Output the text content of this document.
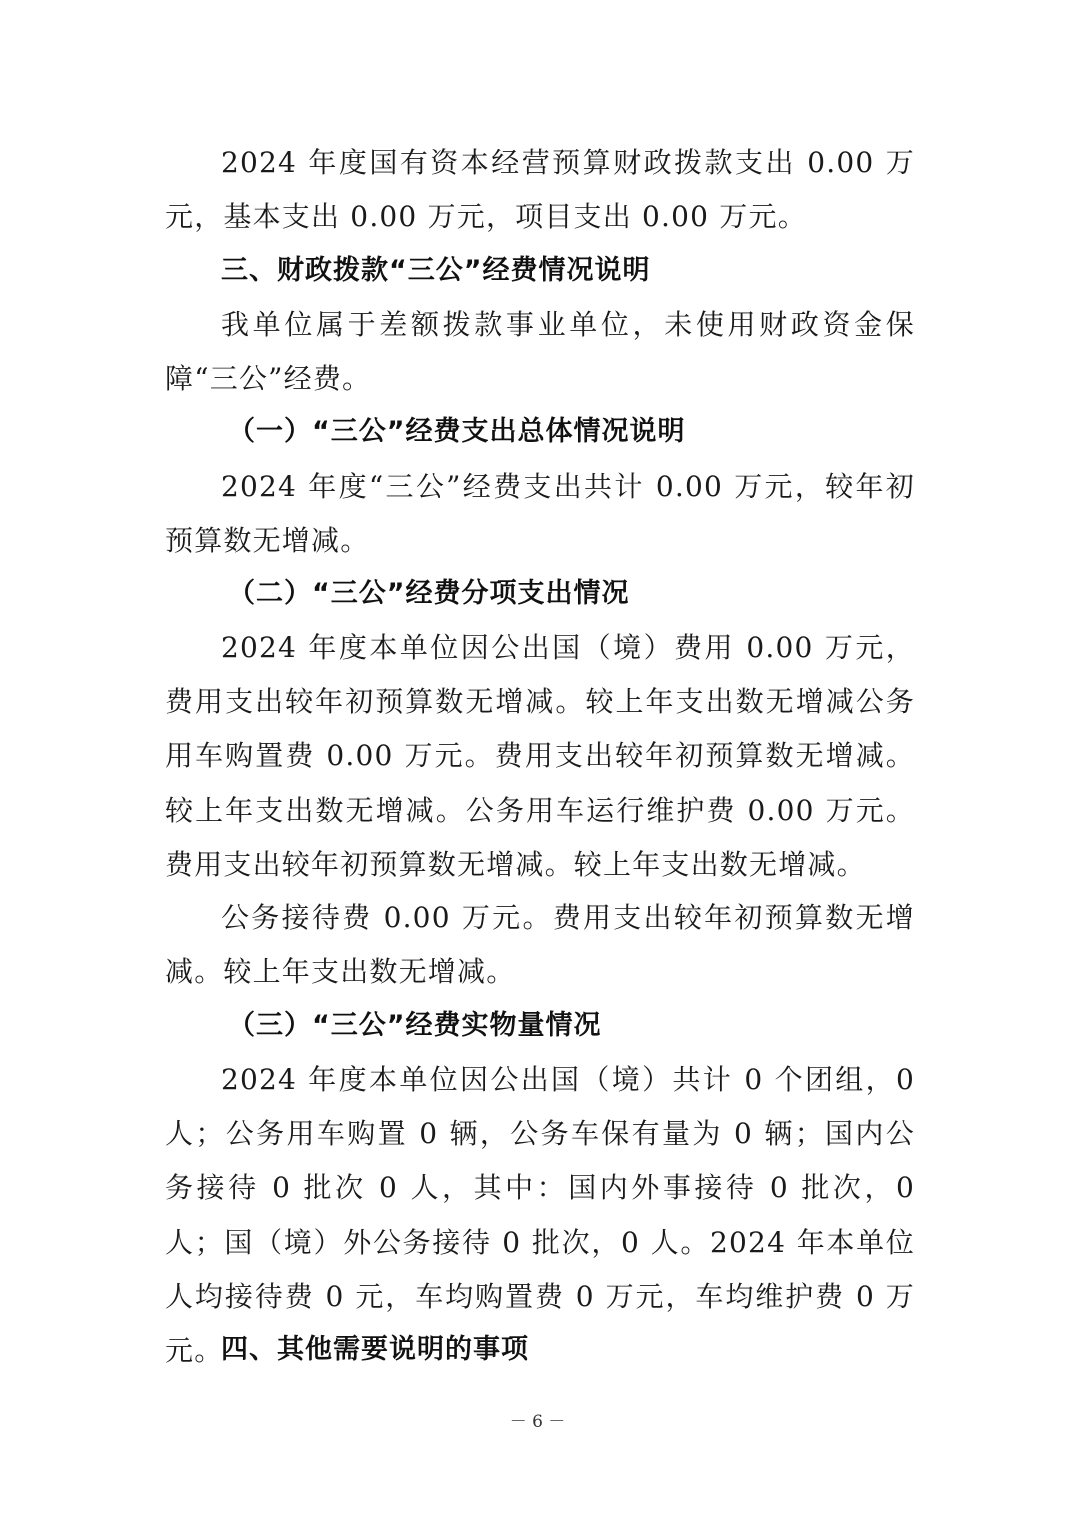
2024 年度国有资本经营预算财政拨款支出 0.00 万元，基本支出 0.00 万元，项目支出 0.00 万元。

三、财政拨款“三公”经费情况说明

我单位属于差额拨款事业单位，未使用财政资金保障“三公”经费。

（一）“三公”经费支出总体情况说明

2024 年度“三公”经费支出共计 0.00 万元，较年初预算数无增减。

（二）“三公”经费分项支出情况

2024 年度本单位因公出国（境）费用 0.00 万元，费用支出较年初预算数无增减。较上年支出数无增减公务用车购置费 0.00 万元。费用支出较年初预算数无增减。较上年支出数无增减。公务用车运行维护费 0.00 万元。费用支出较年初预算数无增减。较上年支出数无增减。

公务接待费 0.00 万元。费用支出较年初预算数无增减。较上年支出数无增减。

（三）“三公”经费实物量情况

2024 年度本单位因公出国（境）共计 0 个团组，0 人；公务用车购置 0 辆，公务车保有量为 0 辆；国内公务接待 0 批次 0 人，其中：国内外事接待 0 批次，0 人；国（境）外公务接待 0 批次，0 人。2024 年本单位人均接待费 0 元，车均购置费 0 万元，车均维护费 0 万元。

四、其他需要说明的事项
－ 6 －
